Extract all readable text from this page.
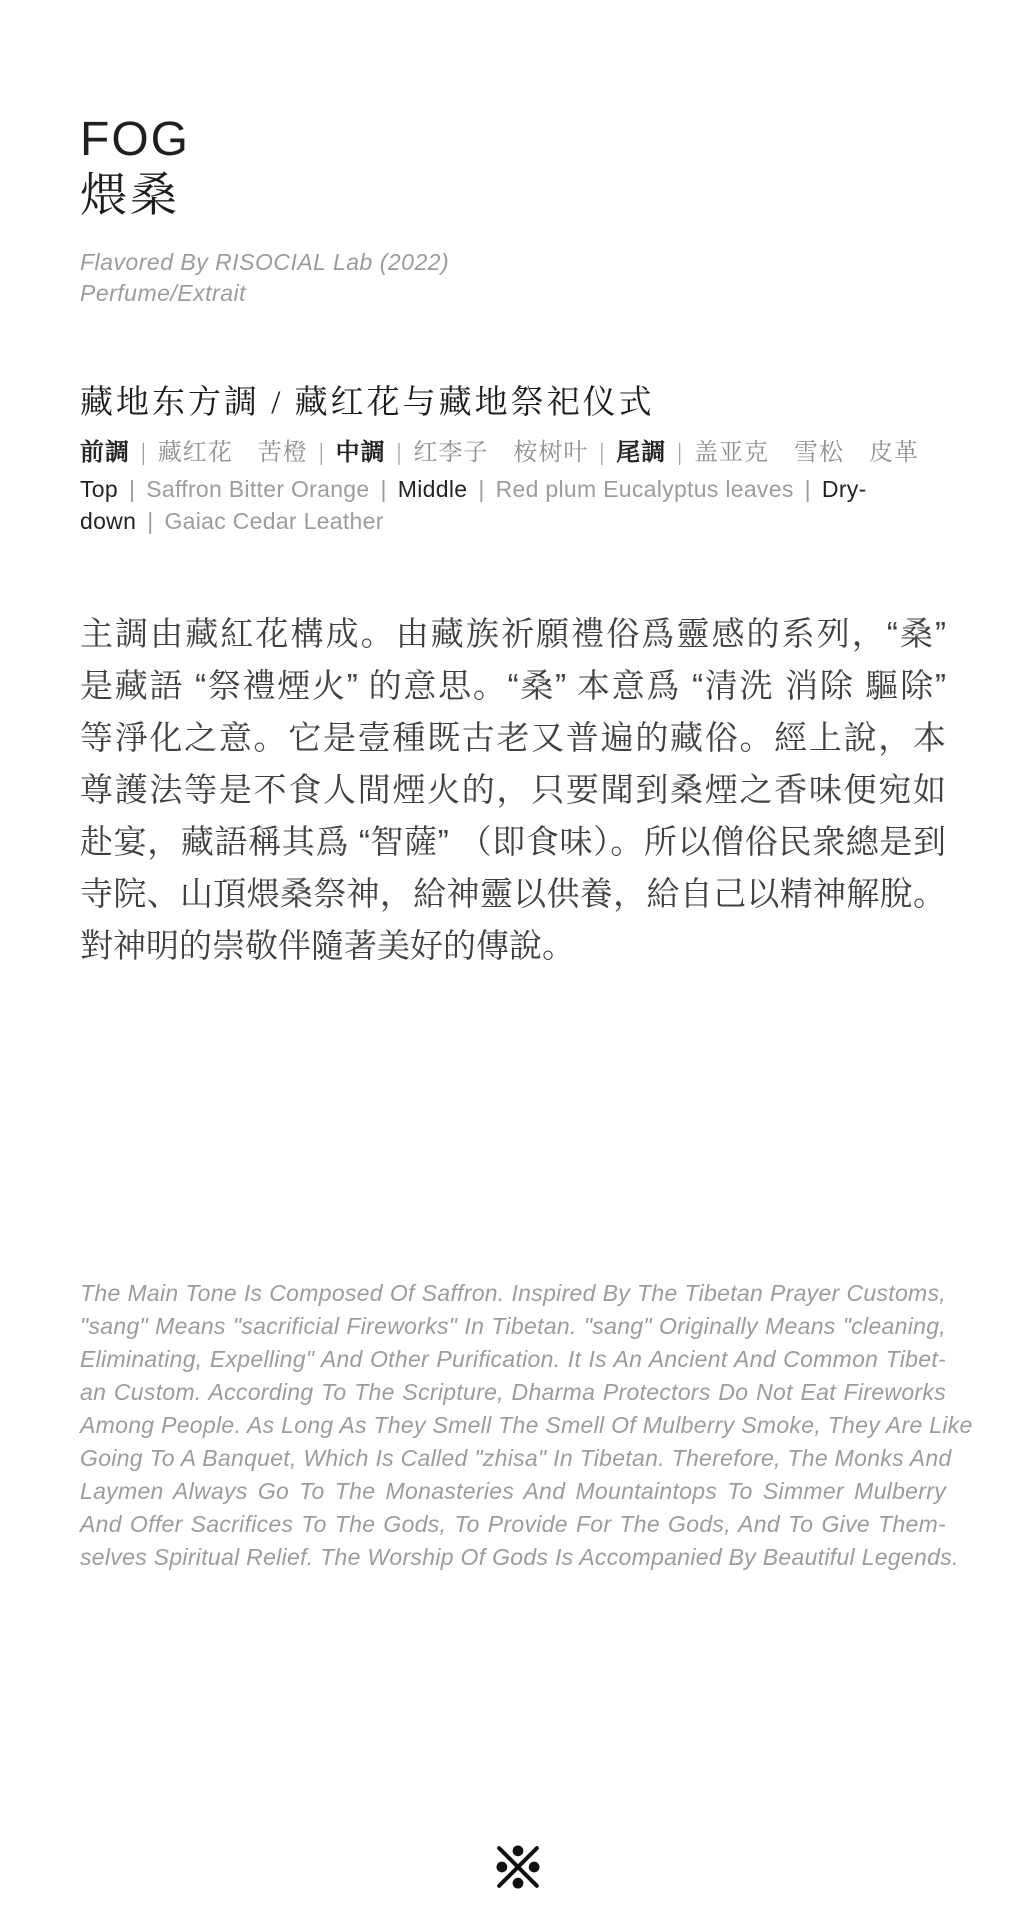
FOG
煨桑

Flavored By RISOCIAL Lab (2022)

Perfume/Extrait

藏地东方調 / 藏红花与藏地祭祀仪式

前調 | 藏红花　苦橙 | 中調 | 红李子　桉树叶 | 尾調 | 盖亚克　雪松　皮革

Top | Saffron Bitter Orange | Middle | Red plum Eucalyptus leaves | Dry-down | Gaiac Cedar Leather

主調由藏紅花構成。由藏族祈願禮俗爲靈感的系列，“桑”
是藏語 “祭禮煙火” 的意思。“桑” 本意爲 “清洗 消除 驅除”
等淨化之意。它是壹種既古老又普遍的藏俗。經上說，本
尊護法等是不食人間煙火的，只要聞到桑煙之香味便宛如
赴宴，藏語稱其爲 “智薩” （即食味）。所以僧俗民衆總是到
寺院、山頂煨桑祭神，給神靈以供養，給自己以精神解脫。
對神明的崇敬伴隨著美好的傳說。
The Main Tone Is Composed Of Saffron. Inspired By The Tibetan Prayer Customs,
"sang" Means "sacrificial Fireworks" In Tibetan. "sang" Originally Means "cleaning,
Eliminating, Expelling" And Other Purification. It Is An Ancient And Common Tibet-
an Custom. According To The Scripture, Dharma Protectors Do Not Eat Fireworks
Among People. As Long As They Smell The Smell Of Mulberry Smoke, They Are Like
Going To A Banquet, Which Is Called "zhisa" In Tibetan. Therefore, The Monks And
Laymen Always Go To The Monasteries And Mountaintops To Simmer Mulberry
And Offer Sacrifices To The Gods, To Provide For The Gods, And To Give Them-
selves Spiritual Relief. The Worship Of Gods Is Accompanied By Beautiful Legends.
